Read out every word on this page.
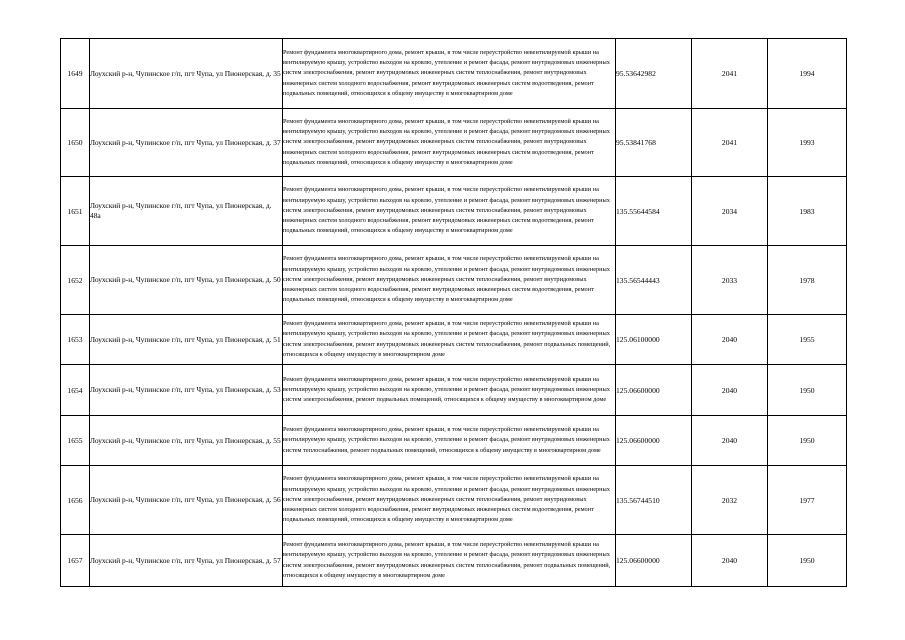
1649	Лоухский р-н, Чупинское г/п, пгт Чупа, ул Пионерская, д. 35	Ремонт фундамента многоквартирного дома, ремонт крыши, в том числе переустройство невентилируемой крыши на вентилируемую крышу, устройство выходов на кровлю, утепление и ремонт фасада, ремонт внутридомовых инженерных систем электроснабжения, ремонт внутридомовых инженерных систем теплоснабжения, ремонт внутридомовых инженерных систем холодного водоснабжения, ремонт внутридомовых инженерных систем водоотведения, ремонт подвальных помещений, относящихся к общему имуществу в многоквартирном доме	95.53642982	2041	1994
1650	Лоухский р-н, Чупинское г/п, пгт Чупа, ул Пионерская, д. 37	Ремонт фундамента многоквартирного дома, ремонт крыши, в том числе переустройство невентилируемой крыши на вентилируемую крышу, устройство выходов на кровлю, утепление и ремонт фасада, ремонт внутридомовых инженерных систем электроснабжения, ремонт внутридомовых инженерных систем теплоснабжения, ремонт внутридомовых инженерных систем холодного водоснабжения, ремонт внутридомовых инженерных систем водоотведения, ремонт подвальных помещений, относящихся к общему имуществу в многоквартирном доме	95.53841768	2041	1993
1651	Лоухский р-н, Чупинское г/п, пгт Чупа, ул Пионерская, д. 48а	Ремонт фундамента многоквартирного дома, ремонт крыши, в том числе переустройство невентилируемой крыши на вентилируемую крышу, устройство выходов на кровлю, утепление и ремонт фасада, ремонт внутридомовых инженерных систем электроснабжения, ремонт внутридомовых инженерных систем теплоснабжения, ремонт внутридомовых инженерных систем холодного водоснабжения, ремонт внутридомовых инженерных систем водоотведения, ремонт подвальных помещений, относящихся к общему имуществу в многоквартирном доме	135.55644584	2034	1983
1652	Лоухский р-н, Чупинское г/п, пгт Чупа, ул Пионерская, д. 50	Ремонт фундамента многоквартирного дома, ремонт крыши, в том числе переустройство невентилируемой крыши на вентилируемую крышу, устройство выходов на кровлю, утепление и ремонт фасада, ремонт внутридомовых инженерных систем электроснабжения, ремонт внутридомовых инженерных систем теплоснабжения, ремонт внутридомовых инженерных систем холодного водоснабжения, ремонт внутридомовых инженерных систем водоотведения, ремонт подвальных помещений, относящихся к общему имуществу в многоквартирном доме	135.56544443	2033	1978
1653	Лоухский р-н, Чупинское г/п, пгт Чупа, ул Пионерская, д. 51	Ремонт фундамента многоквартирного дома, ремонт крыши, в том числе переустройство невентилируемой крыши на вентилируемую крышу, устройство выходов на кровлю, утепление и ремонт фасада, ремонт внутридомовых инженерных систем электроснабжения, ремонт внутридомовых инженерных систем теплоснабжения, ремонт подвальных помещений, относящихся к общему имуществу в многоквартирном доме	125.06100000	2040	1955
1654	Лоухский р-н, Чупинское г/п, пгт Чупа, ул Пионерская, д. 53	Ремонт фундамента многоквартирного дома, ремонт крыши, в том числе переустройство невентилируемой крыши на вентилируемую крышу, устройство выходов на кровлю, утепление и ремонт фасада, ремонт внутридомовых инженерных систем электроснабжения, ремонт подвальных помещений, относящихся к общему имуществу в многоквартирном доме	125.06600000	2040	1950
1655	Лоухский р-н, Чупинское г/п, пгт Чупа, ул Пионерская, д. 55	Ремонт фундамента многоквартирного дома, ремонт крыши, в том числе переустройство невентилируемой крыши на вентилируемую крышу, устройство выходов на кровлю, утепление и ремонт фасада, ремонт внутридомовых инженерных систем теплоснабжения, ремонт подвальных помещений, относящихся к общему имуществу в многоквартирном доме	125.06600000	2040	1950
1656	Лоухский р-н, Чупинское г/п, пгт Чупа, ул Пионерская, д. 56	Ремонт фундамента многоквартирного дома, ремонт крыши, в том числе переустройство невентилируемой крыши на вентилируемую крышу, устройство выходов на кровлю, утепление и ремонт фасада, ремонт внутридомовых инженерных систем электроснабжения, ремонт внутридомовых инженерных систем теплоснабжения, ремонт внутридомовых инженерных систем холодного водоснабжения, ремонт внутридомовых инженерных систем водоотведения, ремонт подвальных помещений, относящихся к общему имуществу в многоквартирном доме	135.56744510	2032	1977
1657	Лоухский р-н, Чупинское г/п, пгт Чупа, ул Пионерская, д. 57	Ремонт фундамента многоквартирного дома, ремонт крыши, в том числе переустройство невентилируемой крыши на вентилируемую крышу, устройство выходов на кровлю, утепление и ремонт фасада, ремонт внутридомовых инженерных систем электроснабжения, ремонт внутридомовых инженерных систем теплоснабжения, ремонт подвальных помещений, относящихся к общему имуществу в многоквартирном доме	125.06600000	2040	1950
